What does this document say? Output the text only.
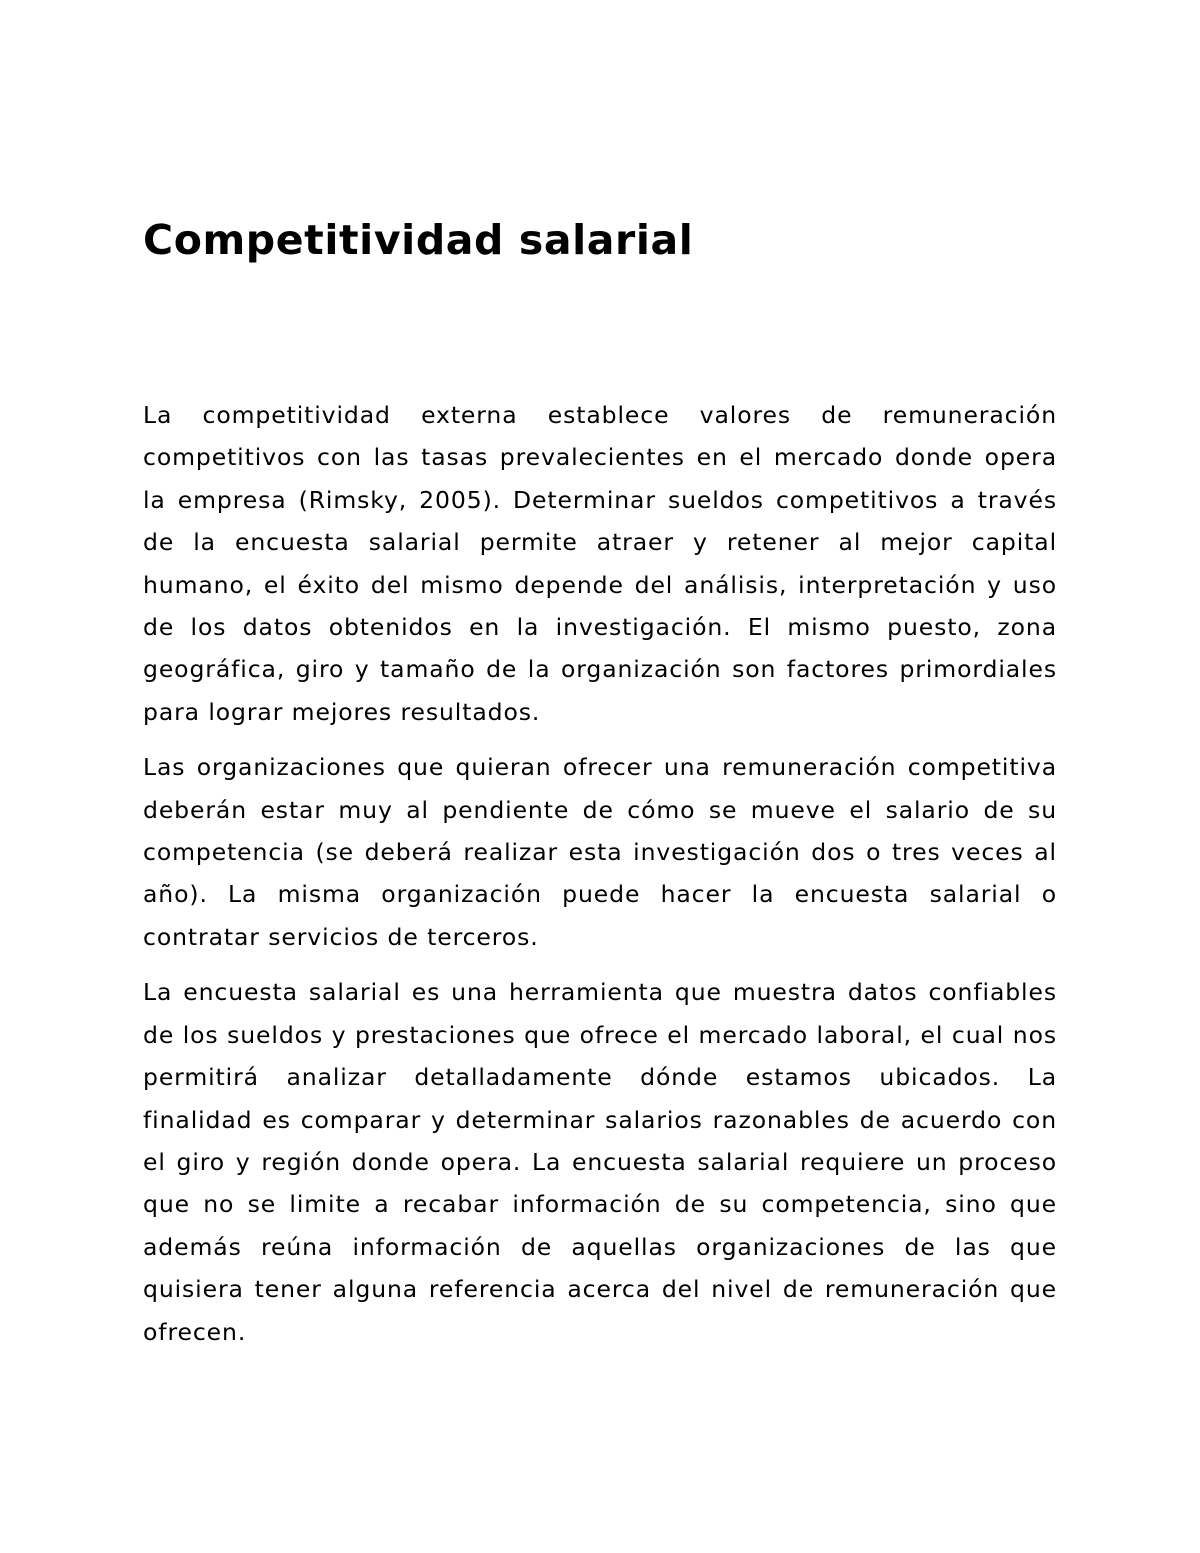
Competitividad salarial

La competitividad externa establece valores de remuneración competitivos con las tasas prevalecientes en el mercado donde opera la empresa (Rimsky, 2005). Determinar sueldos competitivos a través de la encuesta salarial permite atraer y retener al mejor capital humano, el éxito del mismo depende del análisis, interpretación y uso de los datos obtenidos en la investigación. El mismo puesto, zona geográfica, giro y tamaño de la organización son factores primordiales para lograr mejores resultados.

Las organizaciones que quieran ofrecer una remuneración competitiva deberán estar muy al pendiente de cómo se mueve el salario de su competencia (se deberá realizar esta investigación dos o tres veces al año). La misma organización puede hacer la encuesta salarial o contratar servicios de terceros.

La encuesta salarial es una herramienta que muestra datos confiables de los sueldos y prestaciones que ofrece el mercado laboral, el cual nos permitirá analizar detalladamente dónde estamos ubicados. La finalidad es comparar y determinar salarios razonables de acuerdo con el giro y región donde opera. La encuesta salarial requiere un proceso que no se limite a recabar información de su competencia, sino que además reúna información de aquellas organizaciones de las que quisiera tener alguna referencia acerca del nivel de remuneración que ofrecen.
